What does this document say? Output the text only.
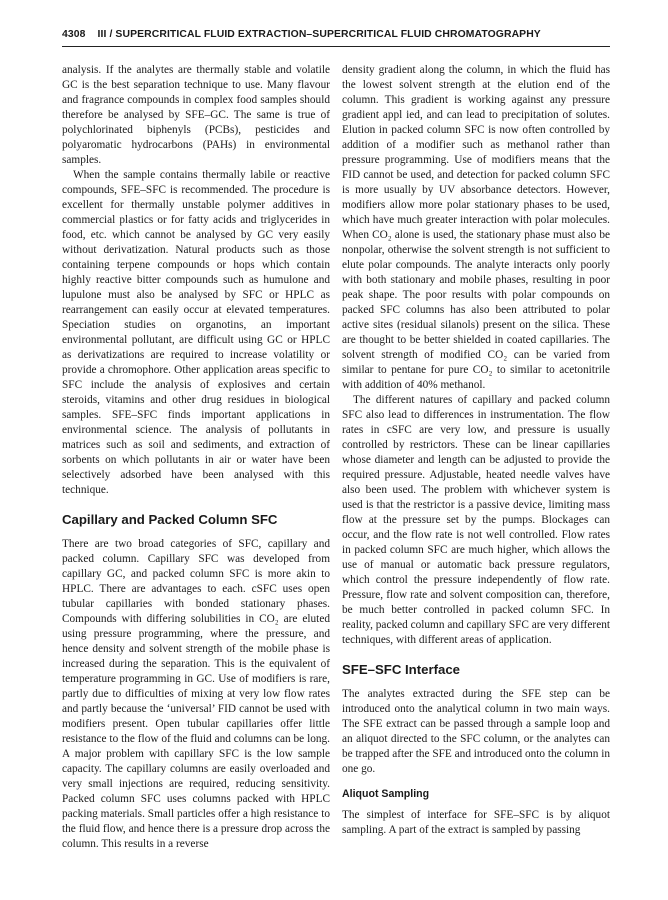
4308 III / SUPERCRITICAL FLUID EXTRACTION–SUPERCRITICAL FLUID CHROMATOGRAPHY

analysis. If the analytes are thermally stable and volatile GC is the best separation technique to use. Many flavour and fragrance compounds in complex food samples should therefore be analysed by SFE–GC. The same is true of polychlorinated biphenyls (PCBs), pesticides and polyaromatic hydrocarbons (PAHs) in environmental samples.

When the sample contains thermally labile or reactive compounds, SFE–SFC is recommended. The procedure is excellent for thermally unstable polymer additives in commercial plastics or for fatty acids and triglycerides in food, etc. which cannot be analysed by GC very easily without derivatization. Natural products such as those containing terpene compounds or hops which contain highly reactive bitter compounds such as humulone and lupulone must also be analysed by SFC or HPLC as rearrangement can easily occur at elevated temperatures. Speciation studies on organotins, an important environmental pollutant, are difficult using GC or HPLC as derivatizations are required to increase volatility or provide a chromophore. Other application areas specific to SFC include the analysis of explosives and certain steroids, vitamins and other drug residues in biological samples. SFE–SFC finds important applications in environmental science. The analysis of pollutants in matrices such as soil and sediments, and extraction of sorbents on which pollutants in air or water have been selectively adsorbed have been analysed with this technique.

Capillary and Packed Column SFC

There are two broad categories of SFC, capillary and packed column. Capillary SFC was developed from capillary GC, and packed column SFC is more akin to HPLC. There are advantages to each. cSFC uses open tubular capillaries with bonded stationary phases. Compounds with differing solubilities in CO₂ are eluted using pressure programming, where the pressure, and hence density and solvent strength of the mobile phase is increased during the separation. This is the equivalent of temperature programming in GC. Use of modifiers is rare, partly due to difficulties of mixing at very low flow rates and partly because the ‘universal’ FID cannot be used with modifiers present. Open tubular capillaries offer little resistance to the flow of the fluid and columns can be long. A major problem with capillary SFC is the low sample capacity. The capillary columns are easily overloaded and very small injections are required, reducing sensitivity. Packed column SFC uses columns packed with HPLC packing materials. Small particles offer a high resistance to the fluid flow, and hence there is a pressure drop across the column. This results in a reverse

density gradient along the column, in which the fluid has the lowest solvent strength at the elution end of the column. This gradient is working against any pressure gradient appl ied, and can lead to precipitation of solutes. Elution in packed column SFC is now often controlled by addition of a modifier such as methanol rather than pressure programming. Use of modifiers means that the FID cannot be used, and detection for packed column SFC is more usually by UV absorbance detectors. However, modifiers allow more polar stationary phases to be used, which have much greater interaction with polar molecules. When CO₂ alone is used, the stationary phase must also be nonpolar, otherwise the solvent strength is not sufficient to elute polar compounds. The analyte interacts only poorly with both stationary and mobile phases, resulting in poor peak shape. The poor results with polar compounds on packed SFC columns has also been attributed to polar active sites (residual silanols) present on the silica. These are thought to be better shielded in coated capillaries. The solvent strength of modified CO₂ can be varied from similar to pentane for pure CO₂ to similar to acetonitrile with addition of 40% methanol.

The different natures of capillary and packed column SFC also lead to differences in instrumentation. The flow rates in cSFC are very low, and pressure is usually controlled by restrictors. These can be linear capillaries whose diameter and length can be adjusted to provide the required pressure. Adjustable, heated needle valves have also been used. The problem with whichever system is used is that the restrictor is a passive device, limiting mass flow at the pressure set by the pumps. Blockages can occur, and the flow rate is not well controlled. Flow rates in packed column SFC are much higher, which allows the use of manual or automatic back pressure regulators, which control the pressure independently of flow rate. Pressure, flow rate and solvent composition can, therefore, be much better controlled in packed column SFC. In reality, packed column and capillary SFC are very different techniques, with different areas of application.

SFE–SFC Interface

The analytes extracted during the SFE step can be introduced onto the analytical column in two main ways. The SFE extract can be passed through a sample loop and an aliquot directed to the SFC column, or the analytes can be trapped after the SFE and introduced onto the column in one go.

Aliquot Sampling

The simplest of interface for SFE–SFC is by aliquot sampling. A part of the extract is sampled by passing
